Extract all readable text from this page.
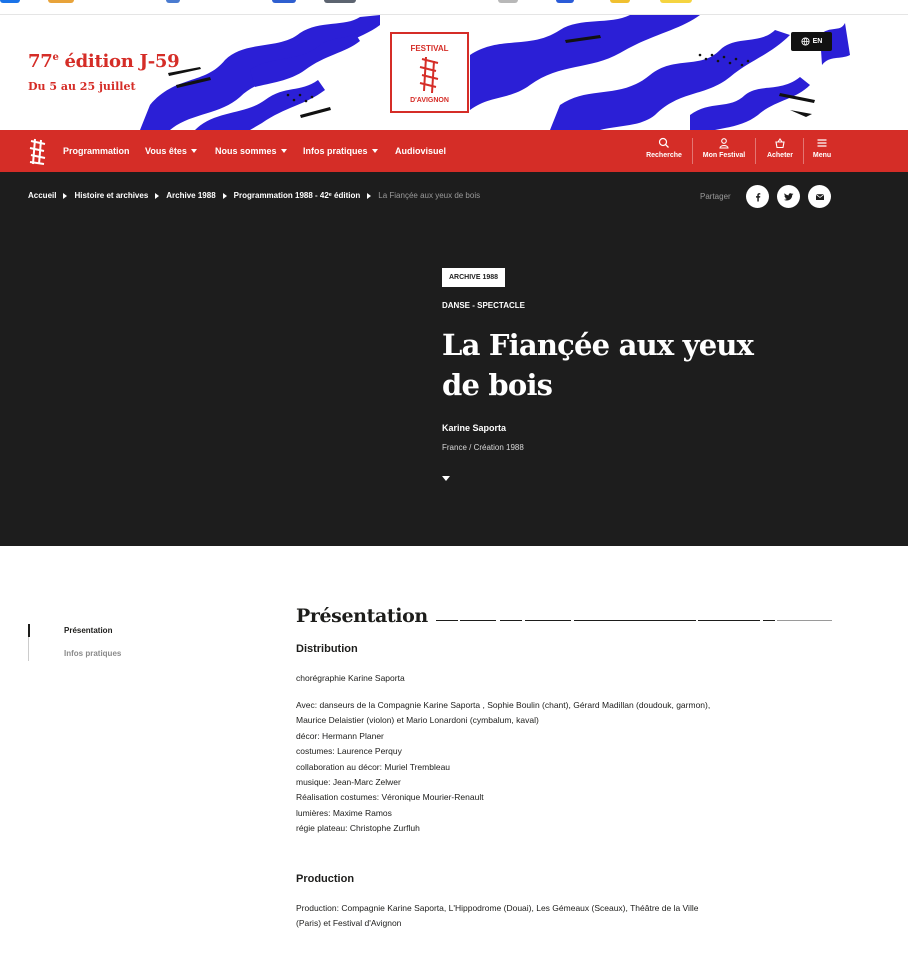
77e édition J-59
Du 5 au 25 juillet
FESTIVAL
D'AVIGNON
EN
Programmation Vous êtes	Nous sommes	Infos pratiques	Audiovisuel	Recherche	Mon Festival	Acheter	Menu
Accueil Histoire et archives Archive 1988 Programmation 1988 - 42ᵉ édition La Fiançée aux yeux de bois	Partager
ARCHIVE 1988
DANSE - SPECTACLE
La Fiançée aux yeux de bois
Karine Saporta
France / Création 1988
Présentation
Infos pratiques
Présentation
Distribution
chorégraphie Karine Saporta
Avec: danseurs de la Compagnie Karine Saporta , Sophie Boulin (chant), Gérard Madillan (doudouk, garmon),
Maurice Delaistier (violon) et Mario Lonardoni (cymbalum, kaval)
décor: Hermann Planer
costumes: Laurence Perquy
collaboration au décor: Muriel Trembleau
musique: Jean-Marc Zelwer
Réalisation costumes: Véronique Mourier-Renault
lumières: Maxime Ramos
régie plateau: Christophe Zurfluh
Production
Production: Compagnie Karine Saporta, L'Hippodrome (Douai), Les Gémeaux (Sceaux), Théâtre de la Ville
(Paris) et Festival d'Avignon
